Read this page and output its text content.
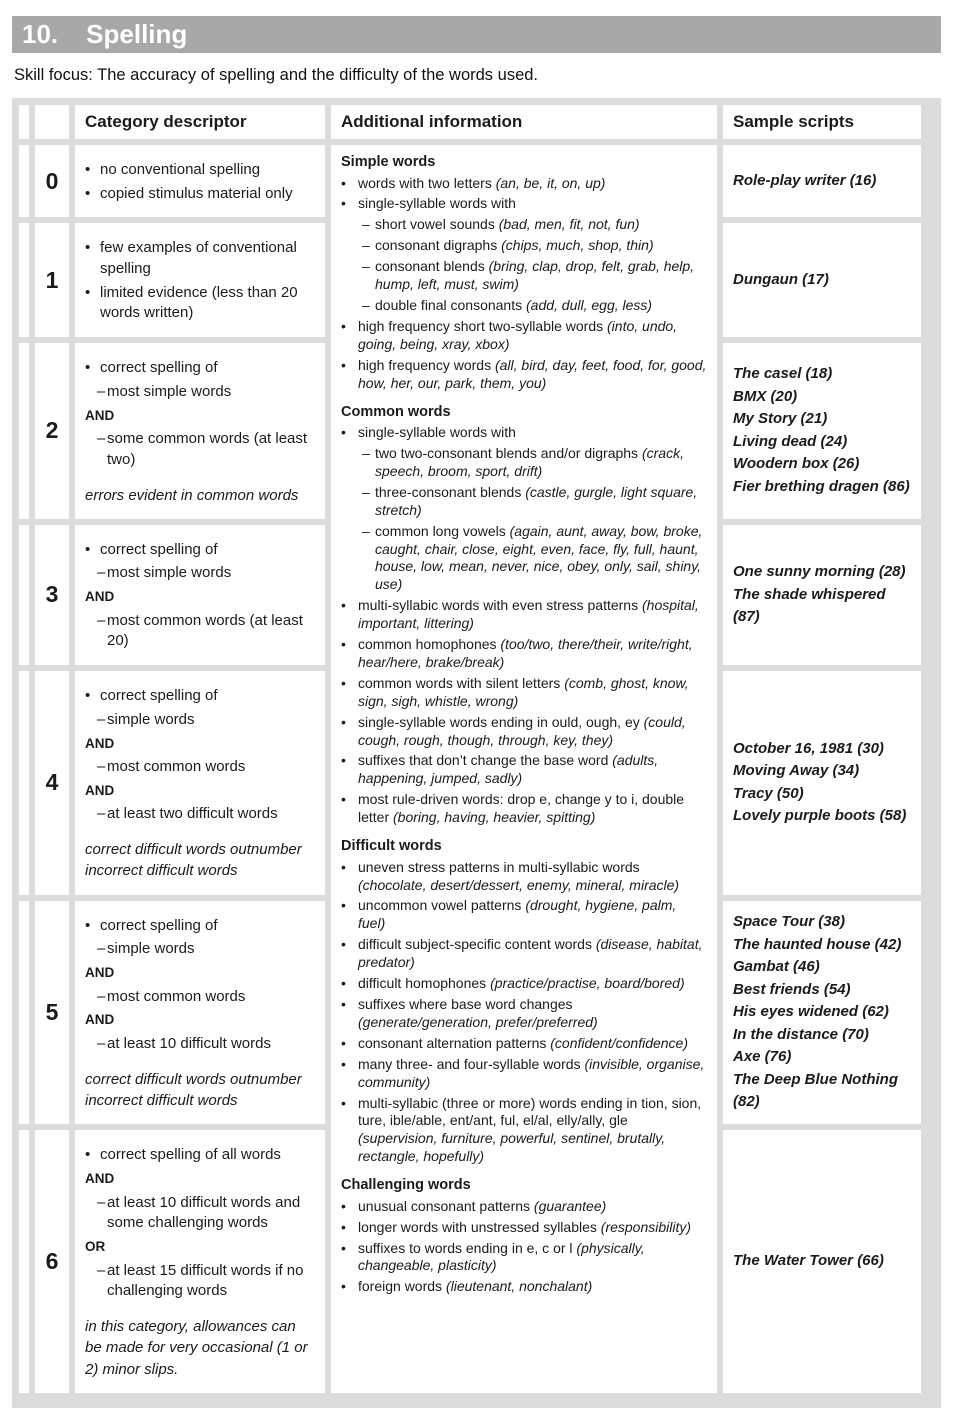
10. Spelling

Skill focus: The accuracy of spelling and the difficulty of the words used.

Category descriptor	Additional information	Sample scripts
0 • no conventional spelling
• copied stimulus material only
Role-play writer (16)
1
• few examples of conventional spelling
• limited evidence (less than 20 words written)
Dungaun (17)
2
• correct spelling of
– most simple words
AND
– some common words (at least two)
errors evident in common words
The casel (18)
BMX (20)
My Story (21)
Living dead (24)
Woodern box (26)
Fier brething dragen (86)
3
• correct spelling of
– most simple words
AND
– most common words (at least 20)
One sunny morning (28)
The shade whispered (87)
4
• correct spelling of
– simple words
AND
– most common words
AND
– at least two difficult words
correct difficult words outnumber incorrect difficult words
October 16, 1981 (30)
Moving Away (34)
Tracy (50)
Lovely purple boots (58)
5
• correct spelling of
– simple words
AND
– most common words
AND
– at least 10 difficult words
correct difficult words outnumber incorrect difficult words
Space Tour (38)
The haunted house (42)
Gambat (46)
Best friends (54)
His eyes widened (62)
In the distance (70)
Axe (76)
The Deep Blue Nothing (82)
6
• correct spelling of all words
AND
– at least 10 difficult words and some challenging words
OR
– at least 15 difficult words if no challenging words
in this category, allowances can be made for very occasional (1 or 2) minor slips.
The Water Tower (66)
Simple words
• words with two letters (an, be, it, on, up)
• single-syllable words with
– short vowel sounds (bad, men, fit, not, fun)
– consonant digraphs (chips, much, shop, thin)
– consonant blends (bring, clap, drop, felt, grab, help, hump, left, must, swim)
– double final consonants (add, dull, egg, less)
• high frequency short two-syllable words (into, undo, going, being, xray, xbox)
• high frequency words (all, bird, day, feet, food, for, good, how, her, our, park, them, you)
Common words
• single-syllable words with
– two two-consonant blends and/or digraphs (crack, speech, broom, sport, drift)
– three-consonant blends (castle, gurgle, light square, stretch)
– common long vowels (again, aunt, away, bow, broke, caught, chair, close, eight, even, face, fly, full, haunt, house, low, mean, never, nice, obey, only, sail, shiny, use)
• multi-syllabic words with even stress patterns (hospital, important, littering)
• common homophones (too/two, there/their, write/right, hear/here, brake/break)
• common words with silent letters (comb, ghost, know, sign, sigh, whistle, wrong)
• single-syllable words ending in ould, ough, ey (could, cough, rough, though, through, key, they)
• suffixes that don’t change the base word (adults, happening, jumped, sadly)
• most rule-driven words: drop e, change y to i, double letter (boring, having, heavier, spitting)
Difficult words
• uneven stress patterns in multi-syllabic words (chocolate, desert/dessert, enemy, mineral, miracle)
• uncommon vowel patterns (drought, hygiene, palm, fuel)
• difficult subject-specific content words (disease, habitat, predator)
• difficult homophones (practice/practise, board/bored)
• suffixes where base word changes (generate/generation, prefer/preferred)
• consonant alternation patterns (confident/confidence)
• many three- and four-syllable words (invisible, organise, community)
• multi-syllabic (three or more) words ending in tion, sion, ture, ible/able, ent/ant, ful, el/al, elly/ally, gle (supervision, furniture, powerful, sentinel, brutally, rectangle, hopefully)
Challenging words
• unusual consonant patterns (guarantee)
• longer words with unstressed syllables (responsibility)
• suffixes to words ending in e, c or l (physically, changeable, plasticity)
• foreign words (lieutenant, nonchalant)
